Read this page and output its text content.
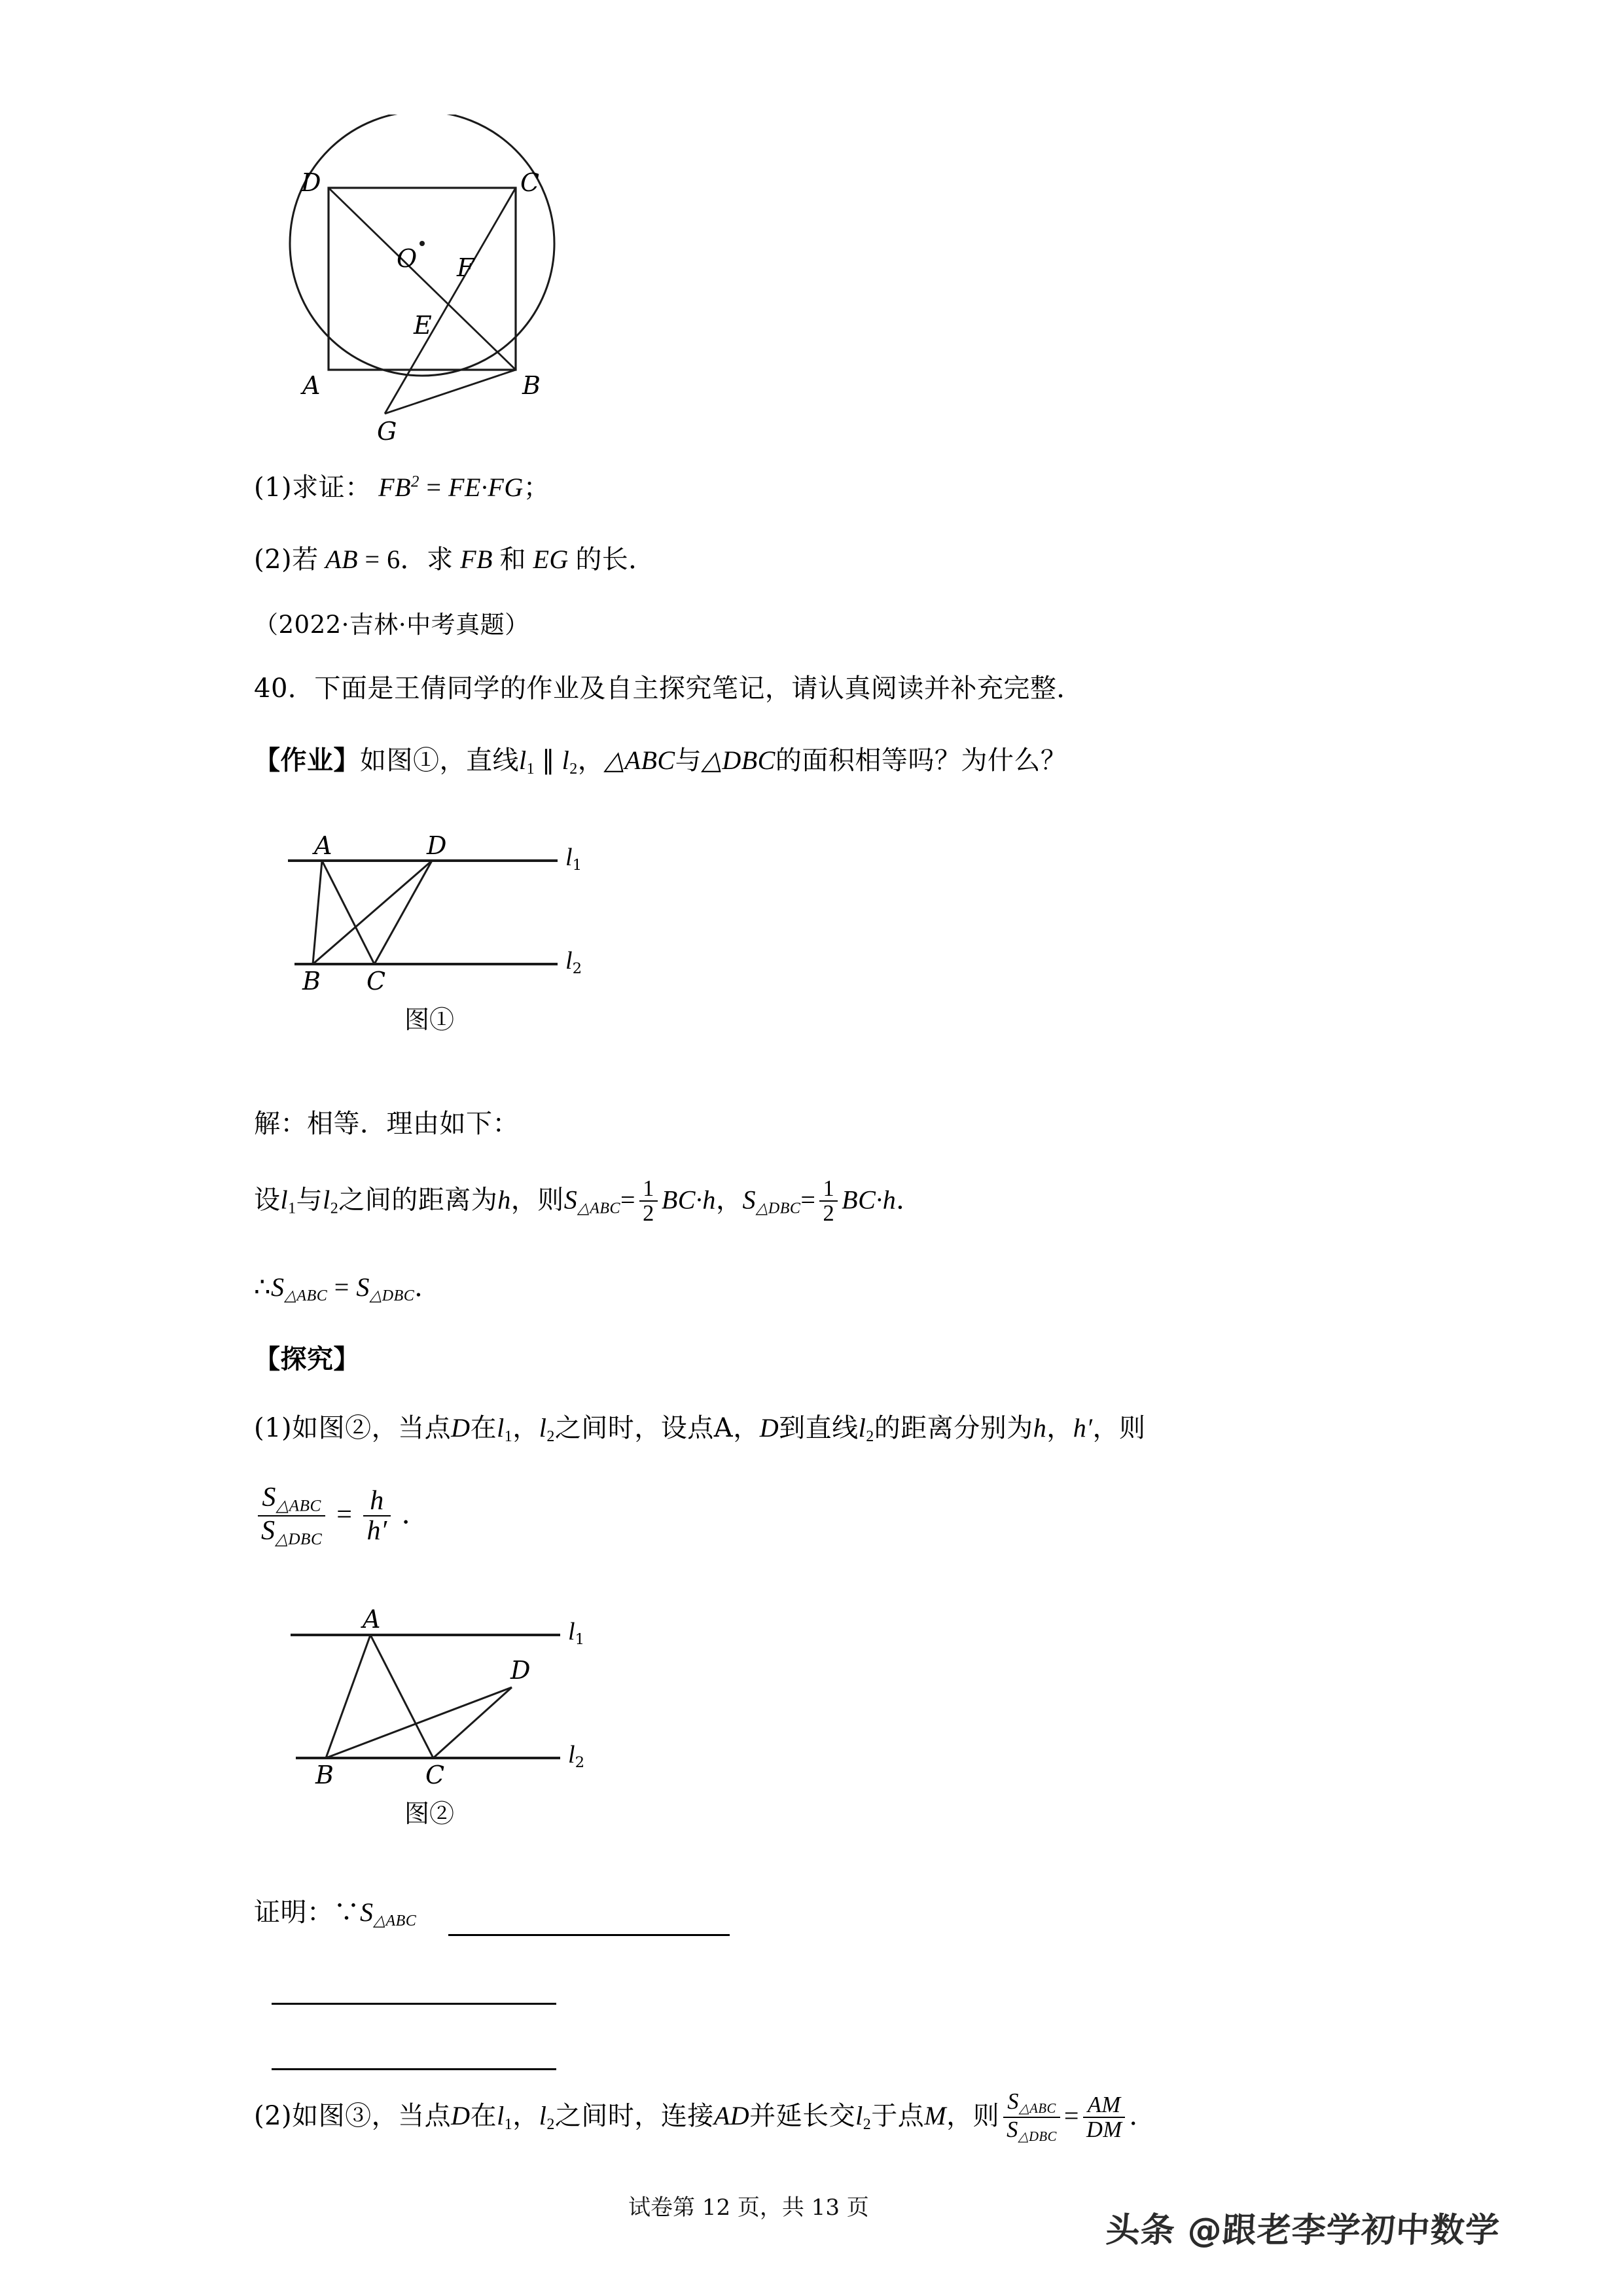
D	C
O F
E
A	B
G
(1)求证： $FB^2 = FE\cdot FG$；
(2)若 AB = 6．求 FB 和 EG 的长．
（2022·吉林·中考真题）
40．下面是王倩同学的作业及自主探究笔记，请认真阅读并补充完整．
【作业】如图①，直线$l_1$ ∥ $l_2$，△ABC与△DBC的面积相等吗？为什么？
A	D
B C
$l_1$
$l_2$
图①
解：相等．理由如下：
设$l_1$与$l_2$之间的距离为h，则$S_{\triangle ABC}= \frac{1}{2} BC\cdot h$，$S_{\triangle DBC}= \frac{1}{2} BC\cdot h$．
$\therefore S_{\triangle ABC} = S_{\triangle DBC}$．
【探究】
(1)如图②，当点D在$l_1$，$l_2$之间时，设点A，D到直线$l_2$的距离分别为h，h′，则
$\frac{S_{\triangle ABC}}{S_{\triangle DBC}} = \frac{h}{h'}$ ．
A
D
B	C
$l_1$
$l_2$
图②
证明：$\because S_{\triangle ABC}$
(2)如图③，当点D在$l_1$，$l_2$之间时，连接AD并延长交$l_2$于点M，则 $\frac{S_{\triangle ABC}}{S_{\triangle DBC}} = \frac{AM}{DM}$ ．
试卷第 12 页，共 13 页
头条 @跟老李学初中数学
